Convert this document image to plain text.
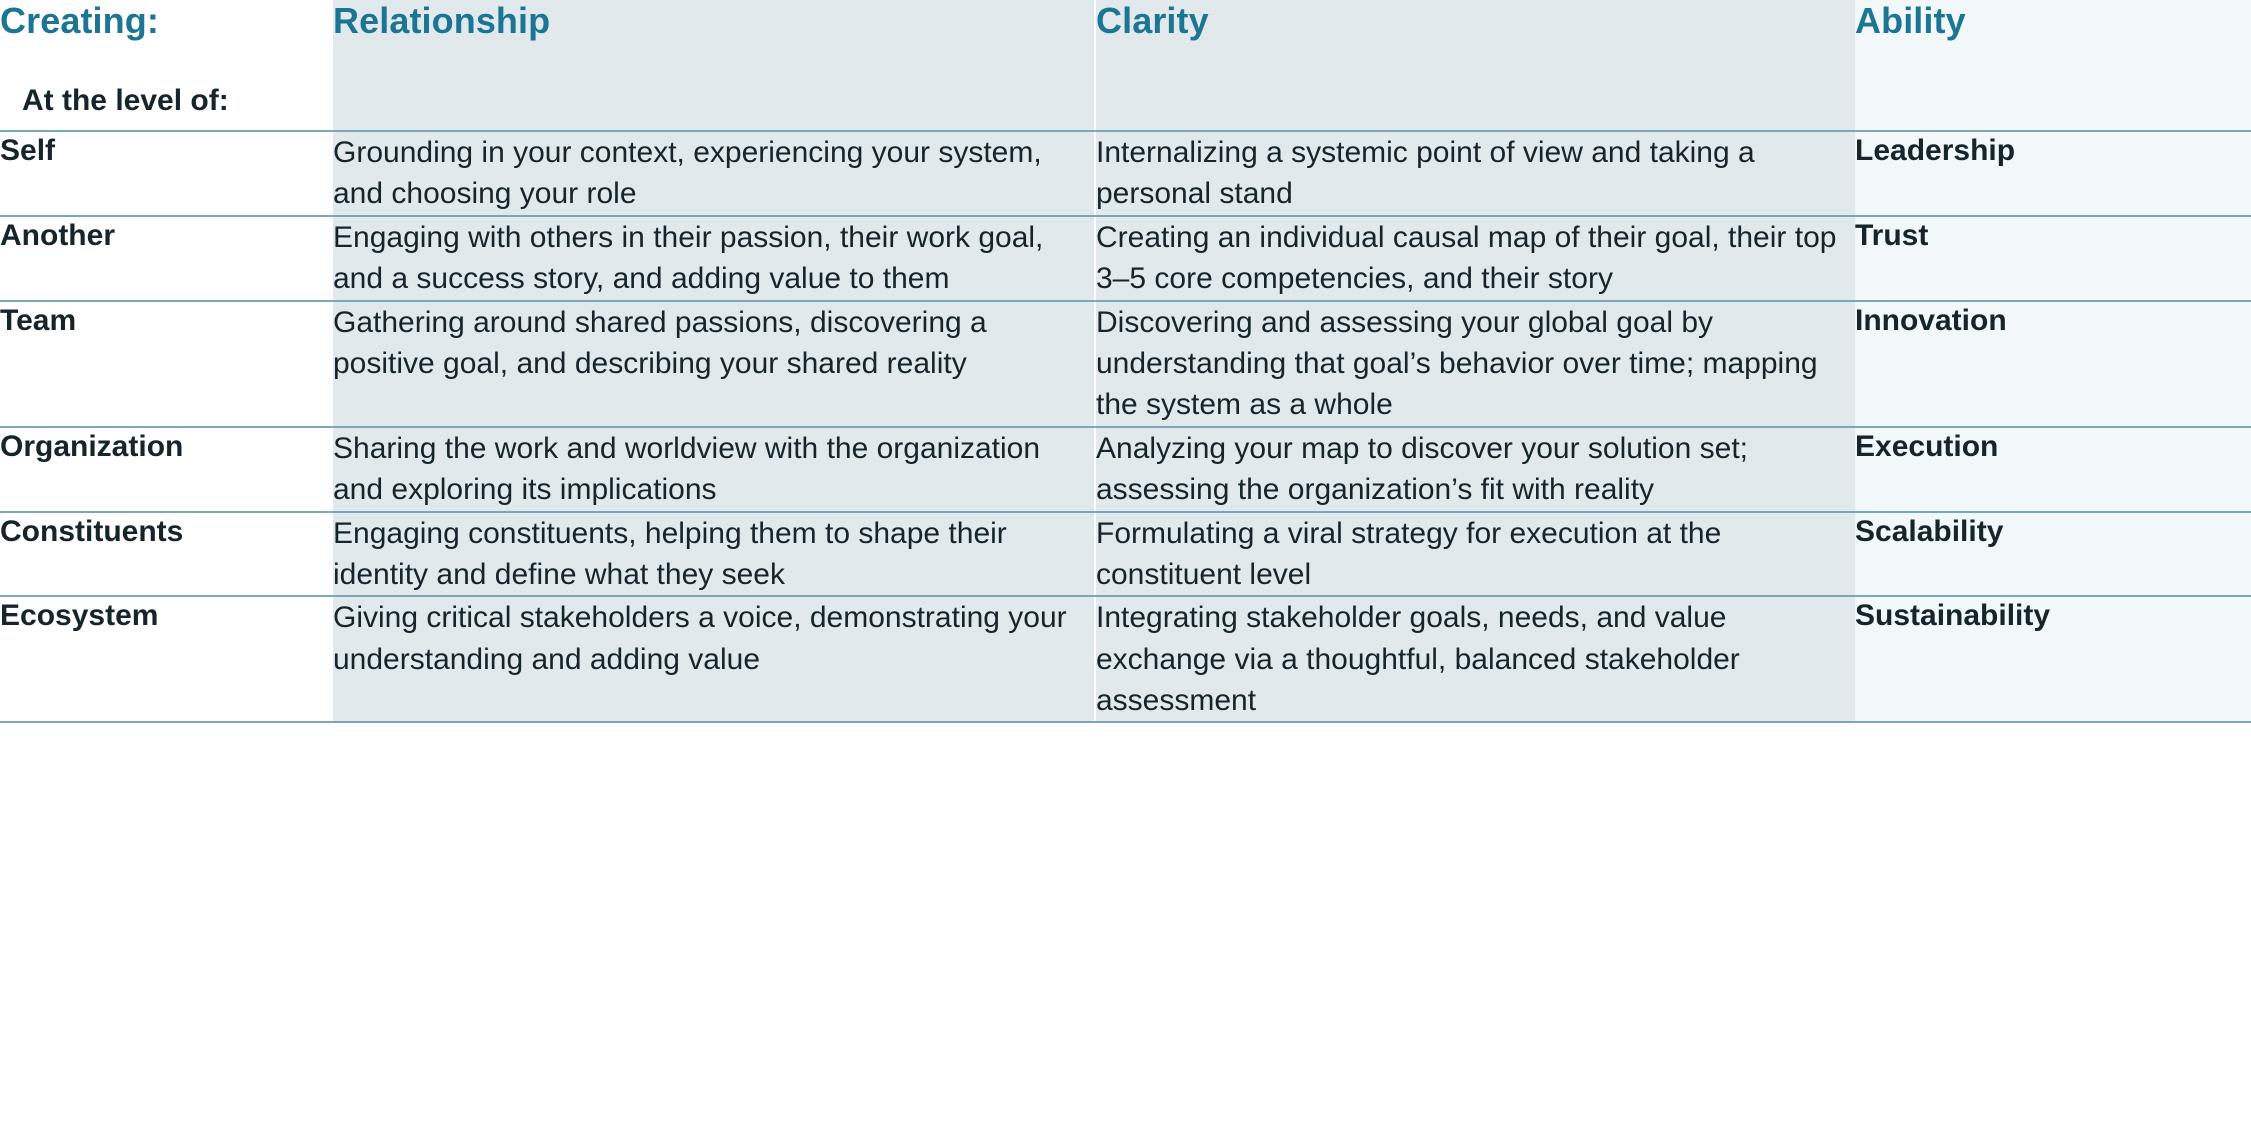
Creating:	Relationship	Clarity	Ability
At the level of:			
Self	Grounding in your context, experiencing your system, and choosing your role	Internalizing a systemic point of view and taking a personal stand	Leadership
Another	Engaging with others in their passion, their work goal, and a success story, and adding value to them	Creating an individual causal map of their goal, their top 3–5 core competencies, and their story	Trust
Team	Gathering around shared passions, discovering a positive goal, and describing your shared reality	Discovering and assessing your global goal by understanding that goal’s behavior over time; mapping the system as a whole	Innovation
Organization	Sharing the work and worldview with the organization and exploring its implications	Analyzing your map to discover your solution set; assessing the organization’s fit with reality	Execution
Constituents	Engaging constituents, helping them to shape their identity and define what they seek	Formulating a viral strategy for execution at the constituent level	Scalability
Ecosystem	Giving critical stakeholders a voice, demonstrating your understanding and adding value	Integrating stakeholder goals, needs, and value exchange via a thoughtful, balanced stakeholder assessment	Sustainability
